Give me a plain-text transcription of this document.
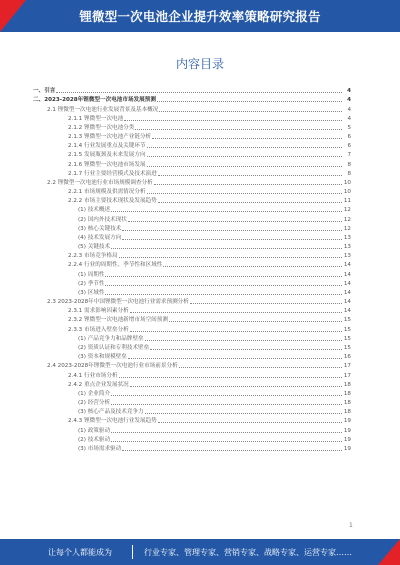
锂微型一次电池企业提升效率策略研究报告
内容目录
一、引言	4
二、2023-2028年锂微型一次电池市场发展预测	4
2.1 锂微型一次电池行业发展背景及基本概况	4
2.1.1 锂微型一次电池	4
2.1.2 锂微型一次电池分类	5
2.1.3 锂微型一次电池产业链分析	6
2.1.4 行业发展重点及关键环节	6
2.1.5 发展瓶颈及未来发展方向	7
2.1.6 锂微型一次电池市场发展	8
2.1.7 行业主要经营模式及技术演进	8
2.2 锂微型一次电池行业市场规模调查分析	10
2.2.1 市场规模及供需情况分析	10
2.2.2 市场主要技术现状及发展趋势	11
(1) 技术概述	12
(2) 国内外技术现状	12
(3) 核心关键技术	12
(4) 技术发展方向	13
(5) 关键技术	13
2.2.3 市场竞争格局	13
2.2.4 行业的周期性、季节性和区域性	14
(1) 周期性	14
(2) 季节性	14
(3) 区域性	14
2.3 2023-2028年中国锂微型一次电池行业需求预测分析	14
2.3.1 需求影响因素分析	14
2.3.2 锂微型一次电池新增市场空间预测	15
2.3.3 市场进入壁垒分析	15
(1) 产品竞争力和品牌壁垒	15
(2) 资质认证和专利技术壁垒	15
(3) 资本和规模壁垒	16
2.4 2023-2028年锂微型一次电池行业市场前景分析	17
2.4.1 行业市场分析	17
2.4.2 重点企业发展状况	18
(1) 企业简介	18
(2) 经营分析	18
(3) 核心产品及技术竞争力	18
2.4.3 锂微型一次电池行业发展趋势	19
(1) 政策驱动	19
(2) 技术驱动	19
(3) 市场需求驱动	19
1
让每个人都能成为	行业专家、管理专家、营销专家、战略专家、运营专家……
